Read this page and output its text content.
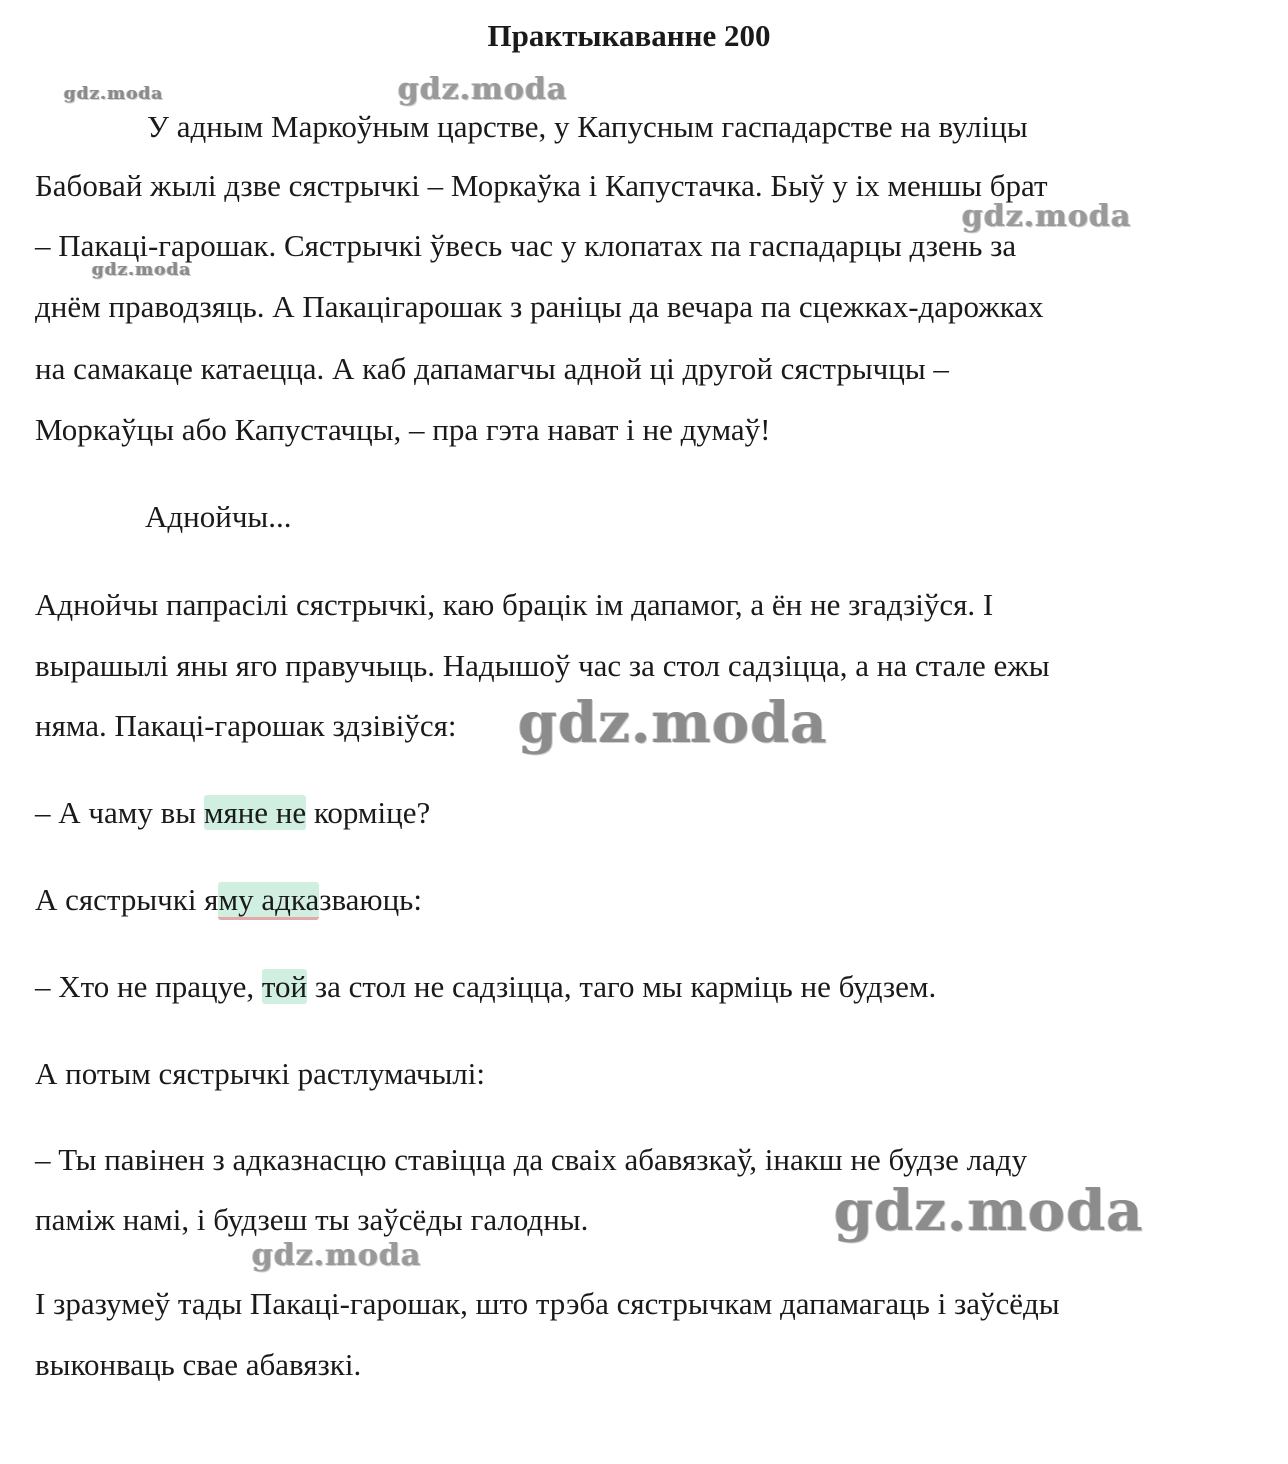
Практыкаванне 200
У адным Маркоўным царстве, у Капусным гаспадарстве на вуліцы
Бабовай жылі дзве сястрычкі – Моркаўка і Капустачка. Быў у іх меншы брат
– Пакаці-гарошак. Сястрычкі ўвесь час у клопатах па гаспадарцы дзень за
днём праводзяць. А Пакацігарошак з раніцы да вечара па сцежках-дарожках
на самакаце катаецца. А каб дапамагчы адной ці другой сястрычцы –
Моркаўцы або Капустачцы, – пра гэта нават і не думаў!
Аднойчы...
Аднойчы папрасілі сястрычкі, каю брацік ім дапамог, а ён не згадзіўся. І
вырашылі яны яго правучыць. Надышоў час за стол садзіцца, а на стале ежы
няма. Пакаці-гарошак здзівіўся:
– А чаму вы мяне не кормiце?
А сястрычкі яму адказваюць:
– Хто не працуе, той за стол не садзіцца, таго мы карміць не будзем.
А потым сястрычкі растлумачылі:
– Ты павінен з адказнасцю ставіцца да сваіх абавязкаў, інакш не будзе ладу
паміж намі, і будзеш ты заўсёды галодны.
І зразумеў тады Пакаці-гарошак, што трэба сястрычкам дапамагаць і заўсёды
выконваць свае абавязкі.
gdz.moda	gdz.moda
gdz.moda
gdz.moda
gdz.moda
gdz.moda
gdz.moda
